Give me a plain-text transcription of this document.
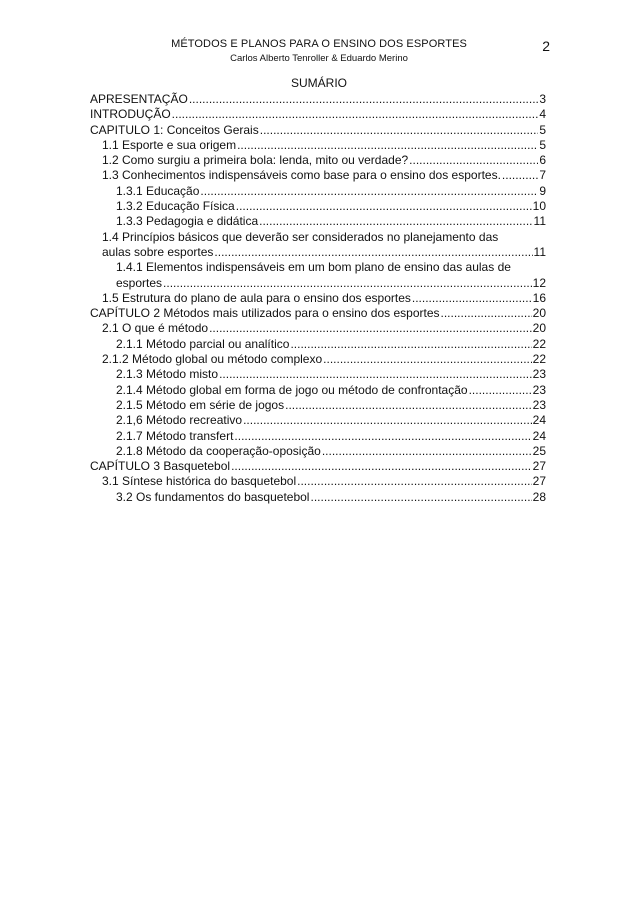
MÉTODOS E PLANOS PARA O ENSINO DOS ESPORTES
Carlos Alberto Tenroller & Eduardo Merino
2
SUMÁRIO
APRESENTAÇÃO .....	3
INTRODUÇÃO .....	4
CAPITULO 1: Conceitos Gerais .....	5
1.1 Esporte e sua origem .....	5
1.2 Como surgiu a primeira bola: lenda, mito ou verdade? .....	6
1.3 Conhecimentos indispensáveis como base para o ensino dos esportes. .....	7
1.3.1 Educação .....	9
1.3.2 Educação Física .....	10
1.3.3 Pedagogia e didática .....	11
1.4 Princípios básicos que deverão ser considerados no planejamento das
aulas sobre esportes .....	11
1.4.1 Elementos indispensáveis em um bom plano de ensino das aulas de
esportes .....	12
1.5 Estrutura do plano de aula para o ensino dos esportes .....	16
CAPÍTULO 2 Métodos mais utilizados para o ensino dos esportes .....	20
2.1 O que é método .....	20
2.1.1 Método parcial ou analítico .....	22
2.1.2 Método global ou método complexo .....	22
2.1.3 Método misto .....	23
2.1.4 Método global em forma de jogo ou método de confrontação .....	23
2.1.5 Método em série de jogos .....	23
2.1,6 Método recreativo .....	24
2.1.7 Método transfert .....	24
2.1.8 Método da cooperação-oposição .....	25
CAPÍTULO 3 Basquetebol .....	27
3.1 Síntese histórica do basquetebol .....	27
3.2 Os fundamentos do basquetebol .....	28
